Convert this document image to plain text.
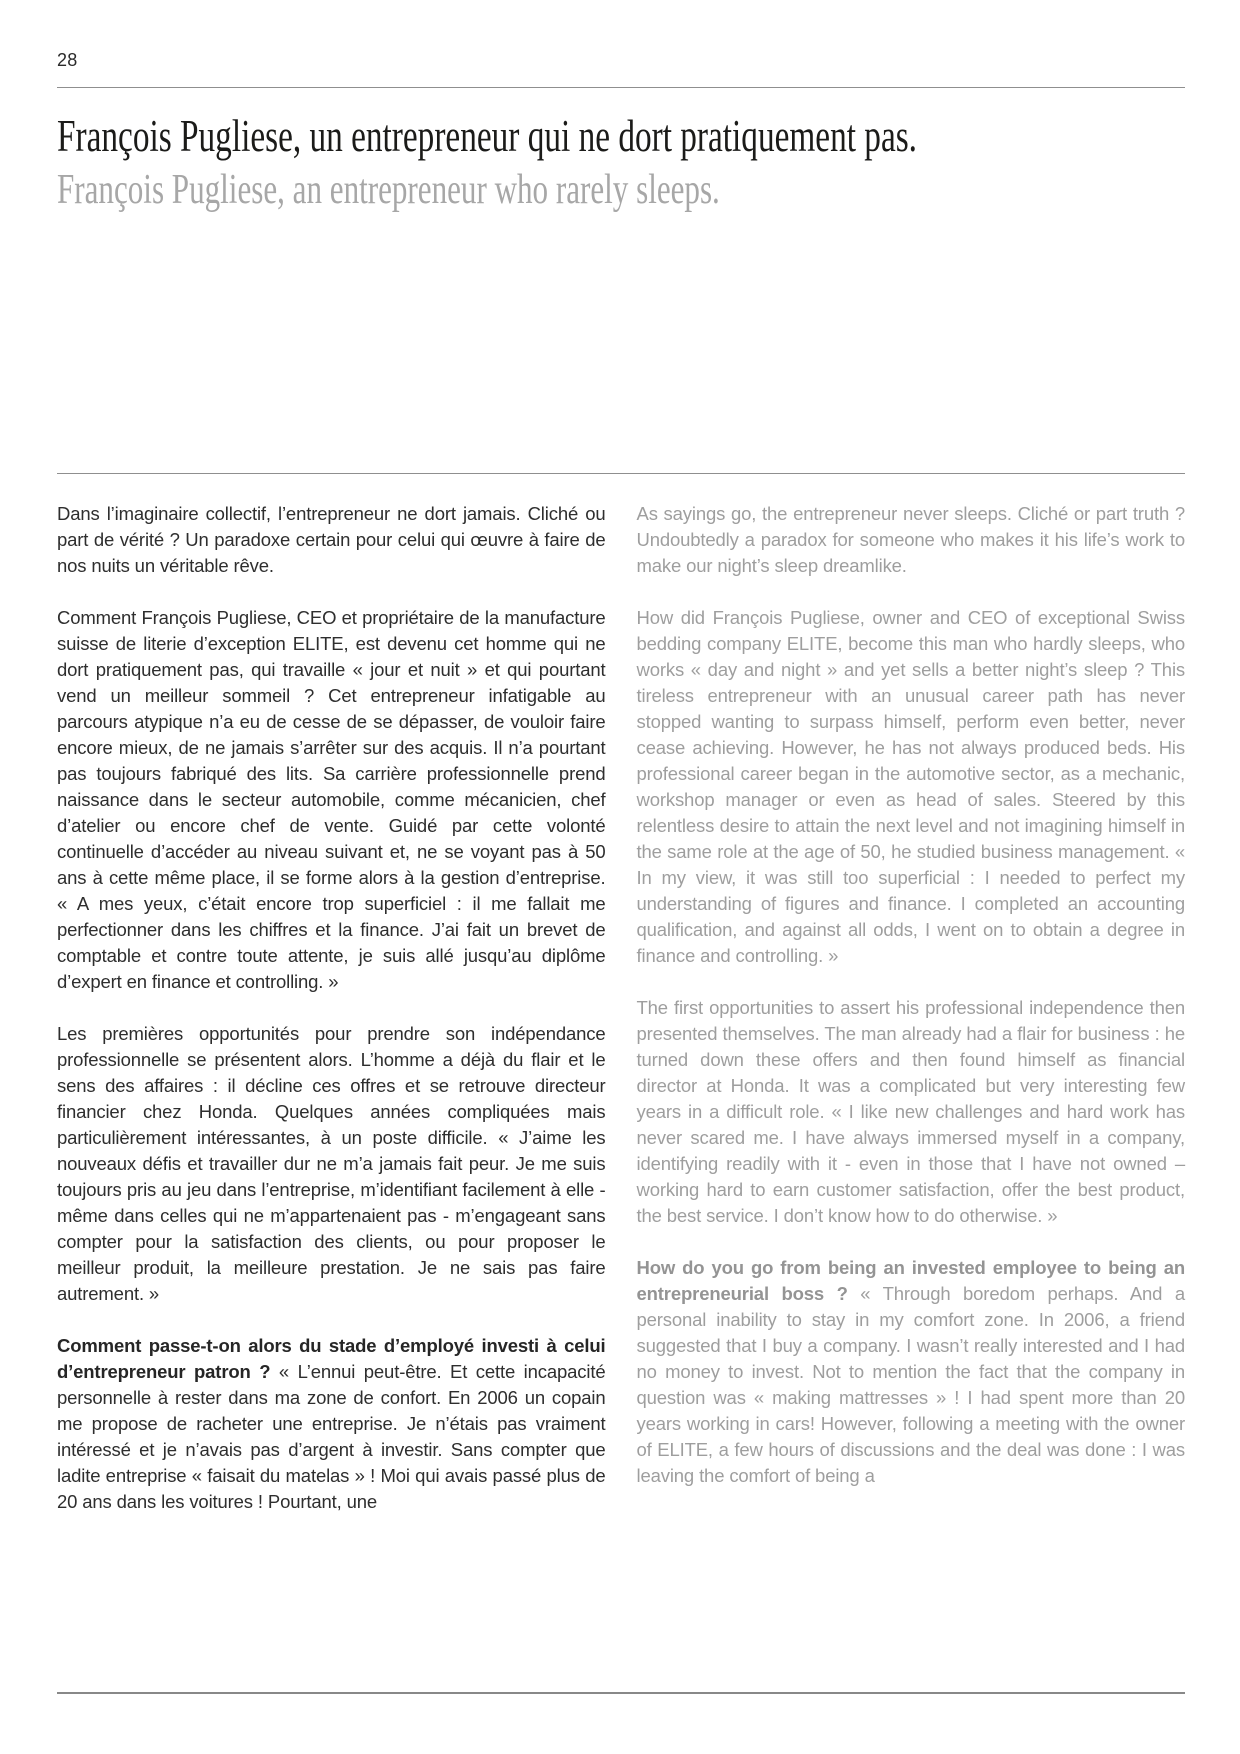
28
François Pugliese, un entrepreneur qui ne dort pratiquement pas.
François Pugliese, an entrepreneur who rarely sleeps.

Dans l’imaginaire collectif, l’entrepreneur ne dort jamais. Cliché ou part de vérité ? Un paradoxe certain pour celui qui œuvre à faire de nos nuits un véritable rêve.

Comment François Pugliese, CEO et propriétaire de la manufacture suisse de literie d’exception ELITE, est devenu cet homme qui ne dort pratiquement pas, qui travaille « jour et nuit » et qui pourtant vend un meilleur sommeil ? Cet entrepreneur infatigable au parcours atypique n’a eu de cesse de se dépasser, de vouloir faire encore mieux, de ne jamais s’arrêter sur des acquis. Il n’a pourtant pas toujours fabriqué des lits. Sa carrière professionnelle prend naissance dans le secteur automobile, comme mécanicien, chef d’atelier ou encore chef de vente. Guidé par cette volonté continuelle d’accéder au niveau suivant et, ne se voyant pas à 50 ans à cette même place, il se forme alors à la gestion d’entreprise. « A mes yeux, c’était encore trop superficiel : il me fallait me perfectionner dans les chiffres et la finance. J’ai fait un brevet de comptable et contre toute attente, je suis allé jusqu’au diplôme d’expert en finance et controlling. »

Les premières opportunités pour prendre son indépendance professionnelle se présentent alors. L’homme a déjà du flair et le sens des affaires : il décline ces offres et se retrouve directeur financier chez Honda. Quelques années compliquées mais particulièrement intéressantes, à un poste difficile. « J’aime les nouveaux défis et travailler dur ne m’a jamais fait peur. Je me suis toujours pris au jeu dans l’entreprise, m’identifiant facilement à elle - même dans celles qui ne m’appartenaient pas - m’engageant sans compter pour la satisfaction des clients, ou pour proposer le meilleur produit, la meilleure prestation. Je ne sais pas faire autrement. »

Comment passe-t-on alors du stade d’employé investi à celui d’entrepreneur patron ? « L’ennui peut-être. Et cette incapacité personnelle à rester dans ma zone de confort. En 2006 un copain me propose de racheter une entreprise. Je n’étais pas vraiment intéressé et je n’avais pas d’argent à investir. Sans compter que ladite entreprise « faisait du matelas » ! Moi qui avais passé plus de 20 ans dans les voitures ! Pourtant, une

As sayings go, the entrepreneur never sleeps. Cliché or part truth ? Undoubtedly a paradox for someone who makes it his life’s work to make our night’s sleep dreamlike.

How did François Pugliese, owner and CEO of exceptional Swiss bedding company ELITE, become this man who hardly sleeps, who works « day and night » and yet sells a better night’s sleep ? This tireless entrepreneur with an unusual career path has never stopped wanting to surpass himself, perform even better, never cease achieving. However, he has not always produced beds. His professional career began in the automotive sector, as a mechanic, workshop manager or even as head of sales. Steered by this relentless desire to attain the next level and not imagining himself in the same role at the age of 50, he studied business management. « In my view, it was still too superficial : I needed to perfect my understanding of figures and finance. I completed an accounting qualification, and against all odds, I went on to obtain a degree in finance and controlling. »

The first opportunities to assert his professional independence then presented themselves. The man already had a flair for business : he turned down these offers and then found himself as financial director at Honda. It was a complicated but very interesting few years in a difficult role. « I like new challenges and hard work has never scared me. I have always immersed myself in a company, identifying readily with it - even in those that I have not owned – working hard to earn customer satisfaction, offer the best product, the best service. I don’t know how to do otherwise. »

How do you go from being an invested employee to being an entrepreneurial boss ? « Through boredom perhaps. And a personal inability to stay in my comfort zone. In 2006, a friend suggested that I buy a company. I wasn’t really interested and I had no money to invest. Not to mention the fact that the company in question was « making mattresses » ! I had spent more than 20 years working in cars! However, following a meeting with the owner of ELITE, a few hours of discussions and the deal was done : I was leaving the comfort of being a
